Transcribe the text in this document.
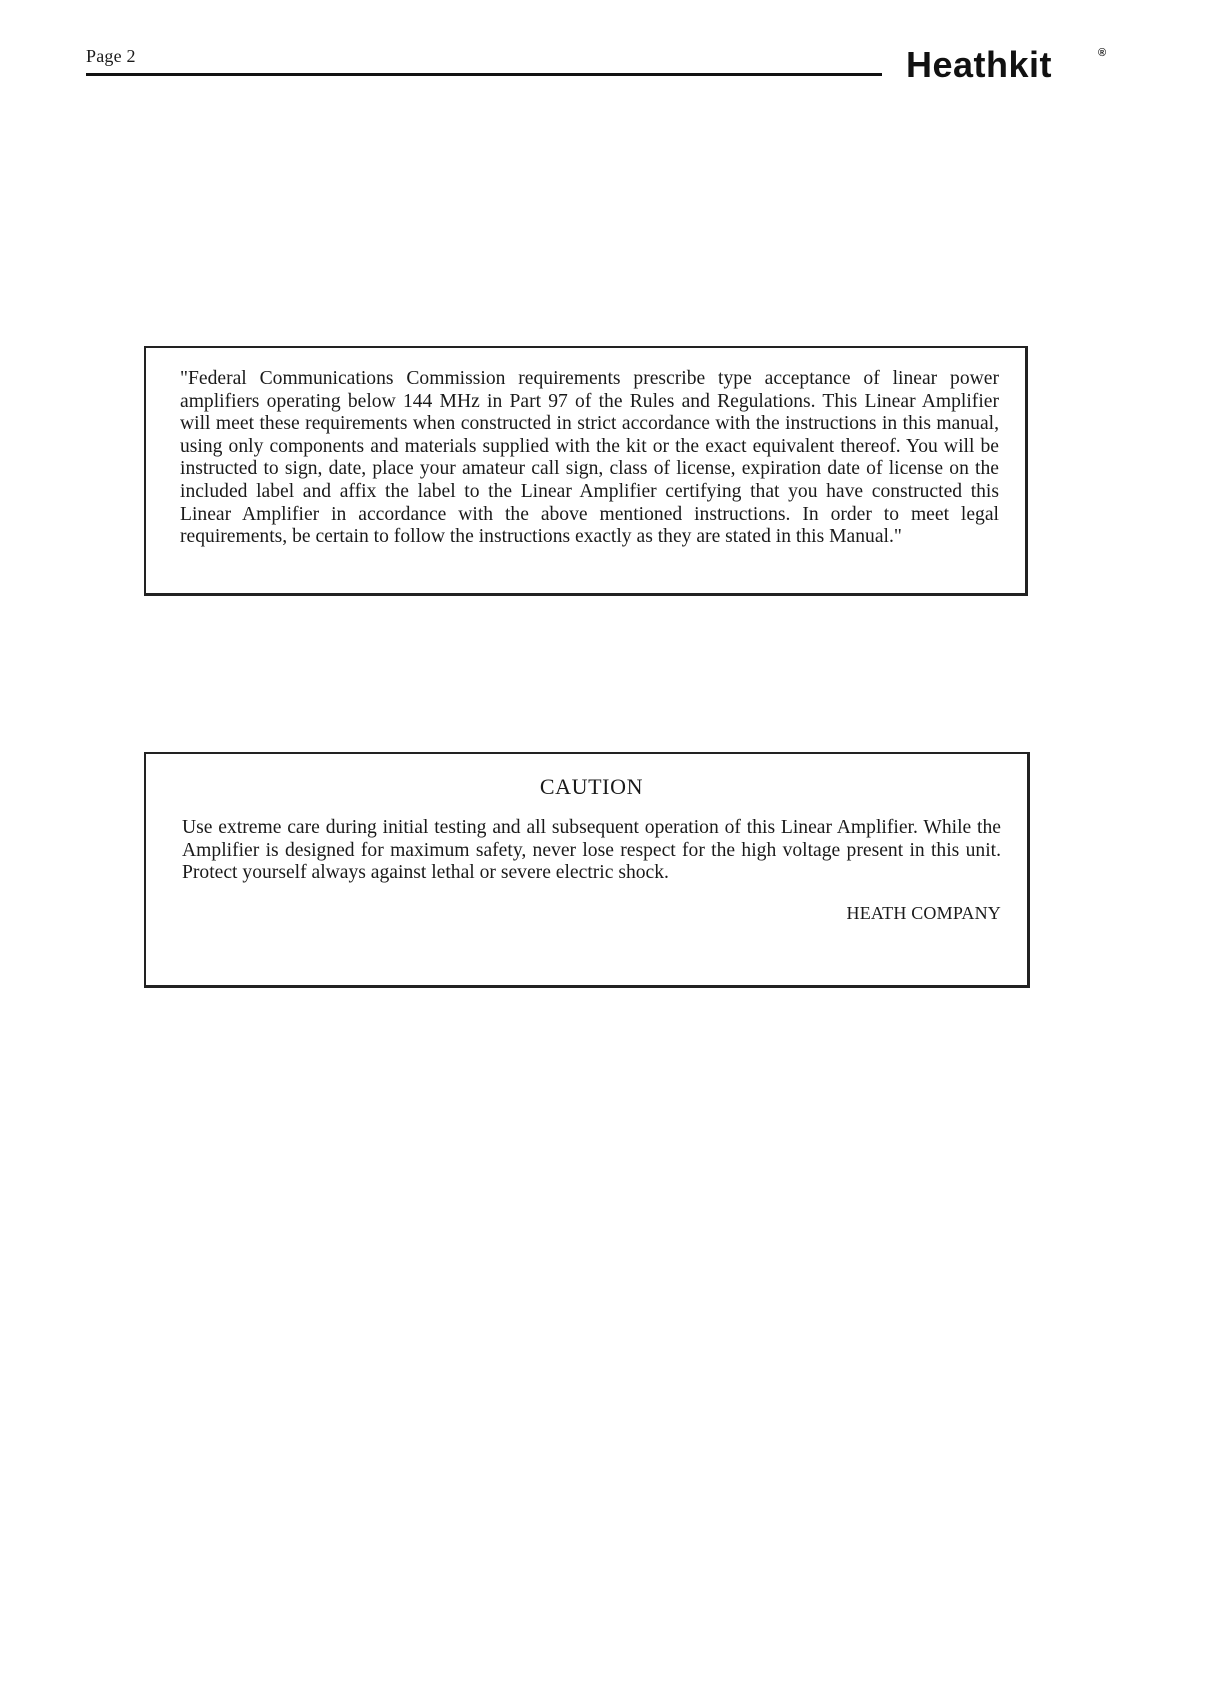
Page 2	Heathkit	®

"Federal Communications Commission requirements prescribe type acceptance of linear power amplifiers operating below 144 MHz in Part 97 of the Rules and Regulations. This Linear Amplifier will meet these requirements when constructed in strict accordance with the instructions in this manual, using only components and materials supplied with the kit or the exact equivalent thereof. You will be instructed to sign, date, place your amateur call sign, class of license, expiration date of license on the included label and affix the label to the Linear Amplifier certifying that you have constructed this Linear Amplifier in accordance with the above mentioned instructions. In order to meet legal requirements, be certain to follow the instructions exactly as they are stated in this Manual."

CAUTION

Use extreme care during initial testing and all subsequent operation of this Linear Amplifier. While the Amplifier is designed for maximum safety, never lose respect for the high voltage present in this unit. Protect yourself always against lethal or severe electric shock.

HEATH COMPANY
